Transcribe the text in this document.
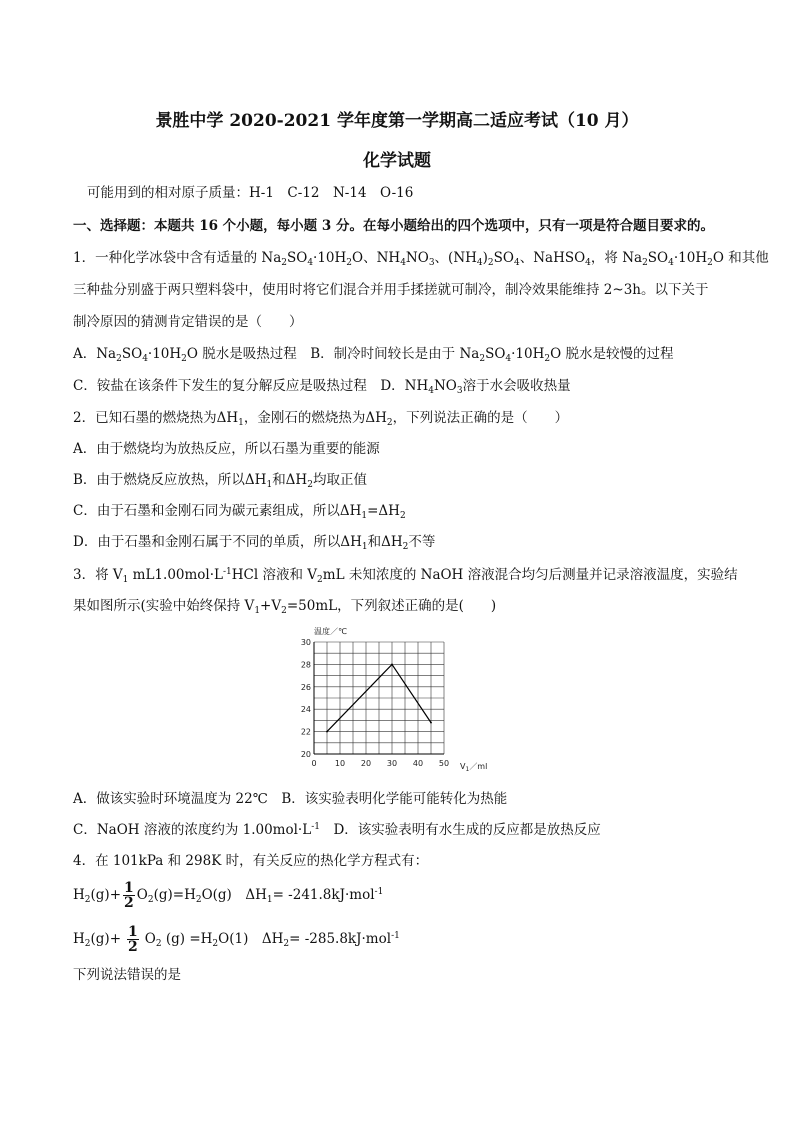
景胜中学 2020-2021 学年度第一学期高二适应考试（10 月）
化学试题
可能用到的相对原子质量：H-1　C-12　N-14　O-16
一、选择题：本题共 16 个小题，每小题 3 分。在每小题给出的四个选项中，只有一项是符合题目要求的。
1．一种化学冰袋中含有适量的 $Na_2SO_4\cdot 10H_2O$、$NH_4NO_3$、$(NH_4)_2SO_4$、NaHSO$_4$，将 $Na_2SO_4\cdot 10H_2O$ 和其他
三种盐分别盛于两只塑料袋中，使用时将它们混合并用手揉搓就可制冷，制冷效果能维持 2~3h。以下关于
制冷原因的猜测肯定错误的是（　　）
A．$Na_2SO_4\cdot 10H_2O$ 脱水是吸热过程　B．制冷时间较长是由于 $Na_2SO_4\cdot 10H_2O$ 脱水是较慢的过程
C．铵盐在该条件下发生的复分解反应是吸热过程　D．$NH_4NO_3$溶于水会吸收热量
2．已知石墨的燃烧热为$\Delta H_1$，金刚石的燃烧热为$\Delta H_2$，下列说法正确的是（　　）
A．由于燃烧均为放热反应，所以石墨为重要的能源
B．由于燃烧反应放热，所以$\Delta H_1$和$\Delta H_2$均取正值
C．由于石墨和金刚石同为碳元素组成，所以$\Delta H_1=\Delta H_2$
D．由于石墨和金刚石属于不同的单质，所以$\Delta H_1$和$\Delta H_2$不等
3．将 $V_1$ $mL1.00mol\cdot L^{-1}HCl$ 溶液和 $V_2mL$ 未知浓度的 NaOH 溶液混合均匀后测量并记录溶液温度，实验结
果如图所示(实验中始终保持 $V_1+V_2=50mL$，下列叙述正确的是(　　)
0 10 20 30 40 50
20
22
24
26
28
30
温度／℃
$V_1/ml$
A．做该实验时环境温度为 22℃　B．该实验表明化学能可能转化为热能
C．NaOH 溶液的浓度约为 $1.00mol\cdot L^{-1}$　D．该实验表明有水生成的反应都是放热反应
4．在 101kPa 和 298K 时，有关反应的热化学方程式有：
$H_2(g)+ \frac{1}{2} O_2(g)=H_2O(g)$　$\Delta H_1= -241.8kJ\cdot mol^{-1}$
$H_2(g)+ \frac{1}{2} O_2$ $(g) =H_2O(1)$　$\Delta H_2= -285.8kJ\cdot mol^{-1}$
下列说法错误的是
